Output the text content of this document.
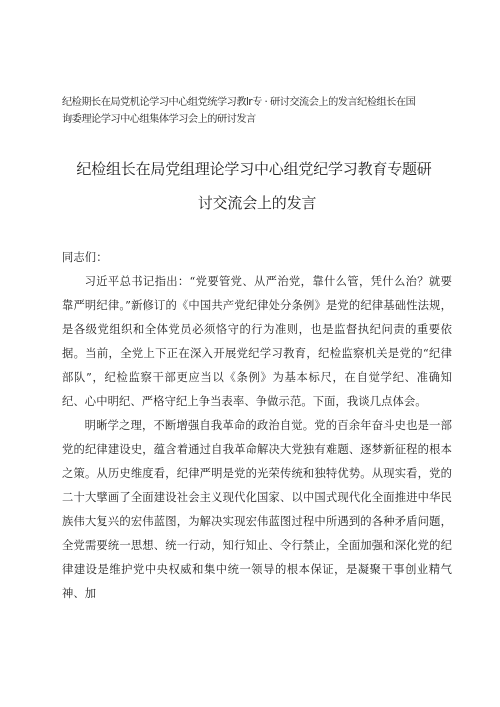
纪检期长在局党机论学习中心组党统学习教lr专 · 研讨交流会上的发言纪检组长在国

询委理论学习中心组集体学习会上的研讨发言

纪检组长在局党组理论学习中心组党纪学习教育专题研
讨交流会上的发言

同志们：

习近平总书记指出：“党要管党、从严治党，靠什么管，凭什么治？就要靠严明纪律。”新修订的《中国共产党纪律处分条例》是党的纪律基础性法规，是各级党组织和全体党员必须恪守的行为准则，也是监督执纪问责的重要依据。当前，全党上下正在深入开展党纪学习教育，纪检监察机关是党的“纪律部队”，纪检监察干部更应当以《条例》为基本标尺，在自觉学纪、准确知纪、心中明纪、严格守纪上争当表率、争做示范。下面，我谈几点体会。

明晰学之理，不断增强自我革命的政治自觉。党的百余年奋斗史也是一部党的纪律建设史，蕴含着通过自我革命解决大党独有难题、逐梦新征程的根本之策。从历史维度看，纪律严明是党的光荣传统和独特优势。从现实看，党的二十大擘画了全面建设社会主义现代化国家、以中国式现代化全面推进中华民族伟大复兴的宏伟蓝图，为解决实现宏伟蓝图过程中所遇到的各种矛盾问题，全党需要统一思想、统一行动，知行知止、令行禁止，全面加强和深化党的纪律建设是维护党中央权威和集中统一领导的根本保证，是凝聚干事创业精气神、加
